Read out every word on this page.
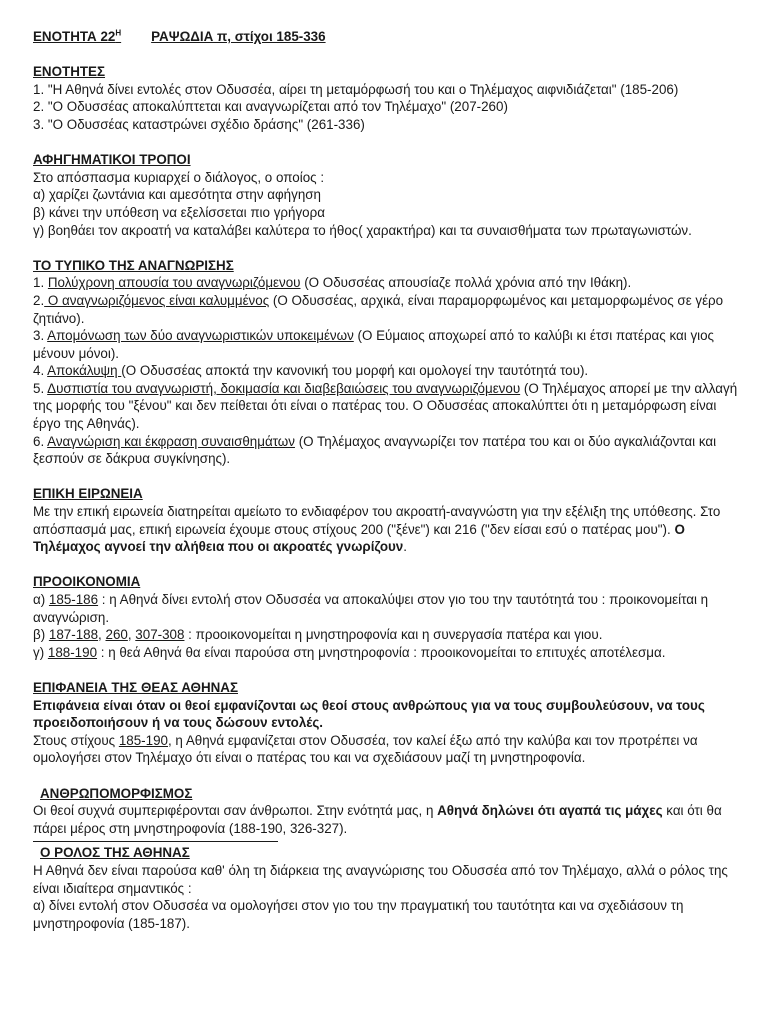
ΕΝΟΤΗΤΑ $22^H$ ΡΑΨΩΔΙΑ π, στίχοι 185-336

ΕΝΟΤΗΤΕΣ

1. "Η Αθηνά δίνει εντολές στον Οδυσσέα, αίρει τη μεταμόρφωσή του και ο Τηλέμαχος αιφνιδιάζεται" (185-206)

2. "Ο Οδυσσέας αποκαλύπτεται και αναγνωρίζεται από τον Τηλέμαχο" (207-260)

3. "Ο Οδυσσέας καταστρώνει σχέδιο δράσης" (261-336)

ΑΦΗΓΗΜΑΤΙΚΟΙ ΤΡΟΠΟΙ

Στο απόσπασμα κυριαρχεί ο διάλογος, ο οποίος :

α) χαρίζει ζωντάνια και αμεσότητα στην αφήγηση

β) κάνει την υπόθεση να εξελίσσεται πιο γρήγορα

γ) βοηθάει τον ακροατή να καταλάβει καλύτερα το ήθος( χαρακτήρα) και τα συναισθήματα των πρωταγωνιστών.

ΤΟ ΤΥΠΙΚΟ ΤΗΣ ΑΝΑΓΝΩΡΙΣΗΣ

1. Πολύχρονη απουσία του αναγνωριζόμενου (Ο Οδυσσέας απουσίαζε πολλά χρόνια από την Ιθάκη).

2. Ο αναγνωριζόμενος είναι καλυμμένος (Ο Οδυσσέας, αρχικά, είναι παραμορφωμένος και μεταμορφωμένος σε γέρο ζητιάνο).

3. Απομόνωση των δύο αναγνωριστικών υποκειμένων (Ο Εύμαιος αποχωρεί από το καλύβι κι έτσι πατέρας και γιος μένουν μόνοι).

4. Αποκάλυψη (Ο Οδυσσέας αποκτά την κανονική του μορφή και ομολογεί την ταυτότητά του).

5. Δυσπιστία του αναγνωριστή, δοκιμασία και διαβεβαιώσεις του αναγνωριζόμενου (Ο Τηλέμαχος απορεί με την αλλαγή της μορφής του "ξένου" και δεν πείθεται ότι είναι ο πατέρας του. Ο Οδυσσέας αποκαλύπτει ότι η μεταμόρφωση είναι έργο της Αθηνάς).

6. Αναγνώριση και έκφραση συναισθημάτων (Ο Τηλέμαχος αναγνωρίζει τον πατέρα του και οι δύο αγκαλιάζονται και ξεσπούν σε δάκρυα συγκίνησης).

ΕΠΙΚΗ ΕΙΡΩΝΕΙΑ

Με την επική ειρωνεία διατηρείται αμείωτο το ενδιαφέρον του ακροατή-αναγνώστη για την εξέλιξη της υπόθεσης. Στο απόσπασμά μας, επική ειρωνεία έχουμε στους στίχους 200 ("ξένε") και 216 ("δεν είσαι εσύ ο πατέρας μου"). Ο Τηλέμαχος αγνοεί την αλήθεια που οι ακροατές γνωρίζουν.

ΠΡΟΟΙΚΟΝΟΜΙΑ

α) 185-186 : η Αθηνά δίνει εντολή στον Οδυσσέα να αποκαλύψει στον γιο του την ταυτότητά του : προικονομείται η αναγνώριση.

β) 187-188, 260, 307-308 : προοικονομείται η μνηστηροφονία και η συνεργασία πατέρα και γιου.

γ) 188-190 : η θεά Αθηνά θα είναι παρούσα στη μνηστηροφονία : προοικονομείται το επιτυχές αποτέλεσμα.

ΕΠΙΦΑΝΕΙΑ ΤΗΣ ΘΕΑΣ ΑΘΗΝΑΣ

Επιφάνεια είναι όταν οι θεοί εμφανίζονται ως θεοί στους ανθρώπους για να τους συμβουλεύσουν, να τους προειδοποιήσουν ή να τους δώσουν εντολές.

Στους στίχους 185-190, η Αθηνά εμφανίζεται στον Οδυσσέα, τον καλεί έξω από την καλύβα και τον προτρέπει να ομολογήσει στον Τηλέμαχο ότι είναι ο πατέρας του και να σχεδιάσουν μαζί τη μνηστηροφονία.

ΑΝΘΡΩΠΟΜΟΡΦΙΣΜΟΣ

Οι θεοί συχνά συμπεριφέρονται σαν άνθρωποι. Στην ενότητά μας, η Αθηνά δηλώνει ότι αγαπά τις μάχες και ότι θα πάρει μέρος στη μνηστηροφονία (188-190, 326-327).

Ο ΡΟΛΟΣ ΤΗΣ ΑΘΗΝΑΣ

Η Αθηνά δεν είναι παρούσα καθ' όλη τη διάρκεια της αναγνώρισης του Οδυσσέα από τον Τηλέμαχο, αλλά ο ρόλος της είναι ιδιαίτερα σημαντικός :

α) δίνει εντολή στον Οδυσσέα να ομολογήσει στον γιο του την πραγματική του ταυτότητα και να σχεδιάσουν τη μνηστηροφονία (185-187).
